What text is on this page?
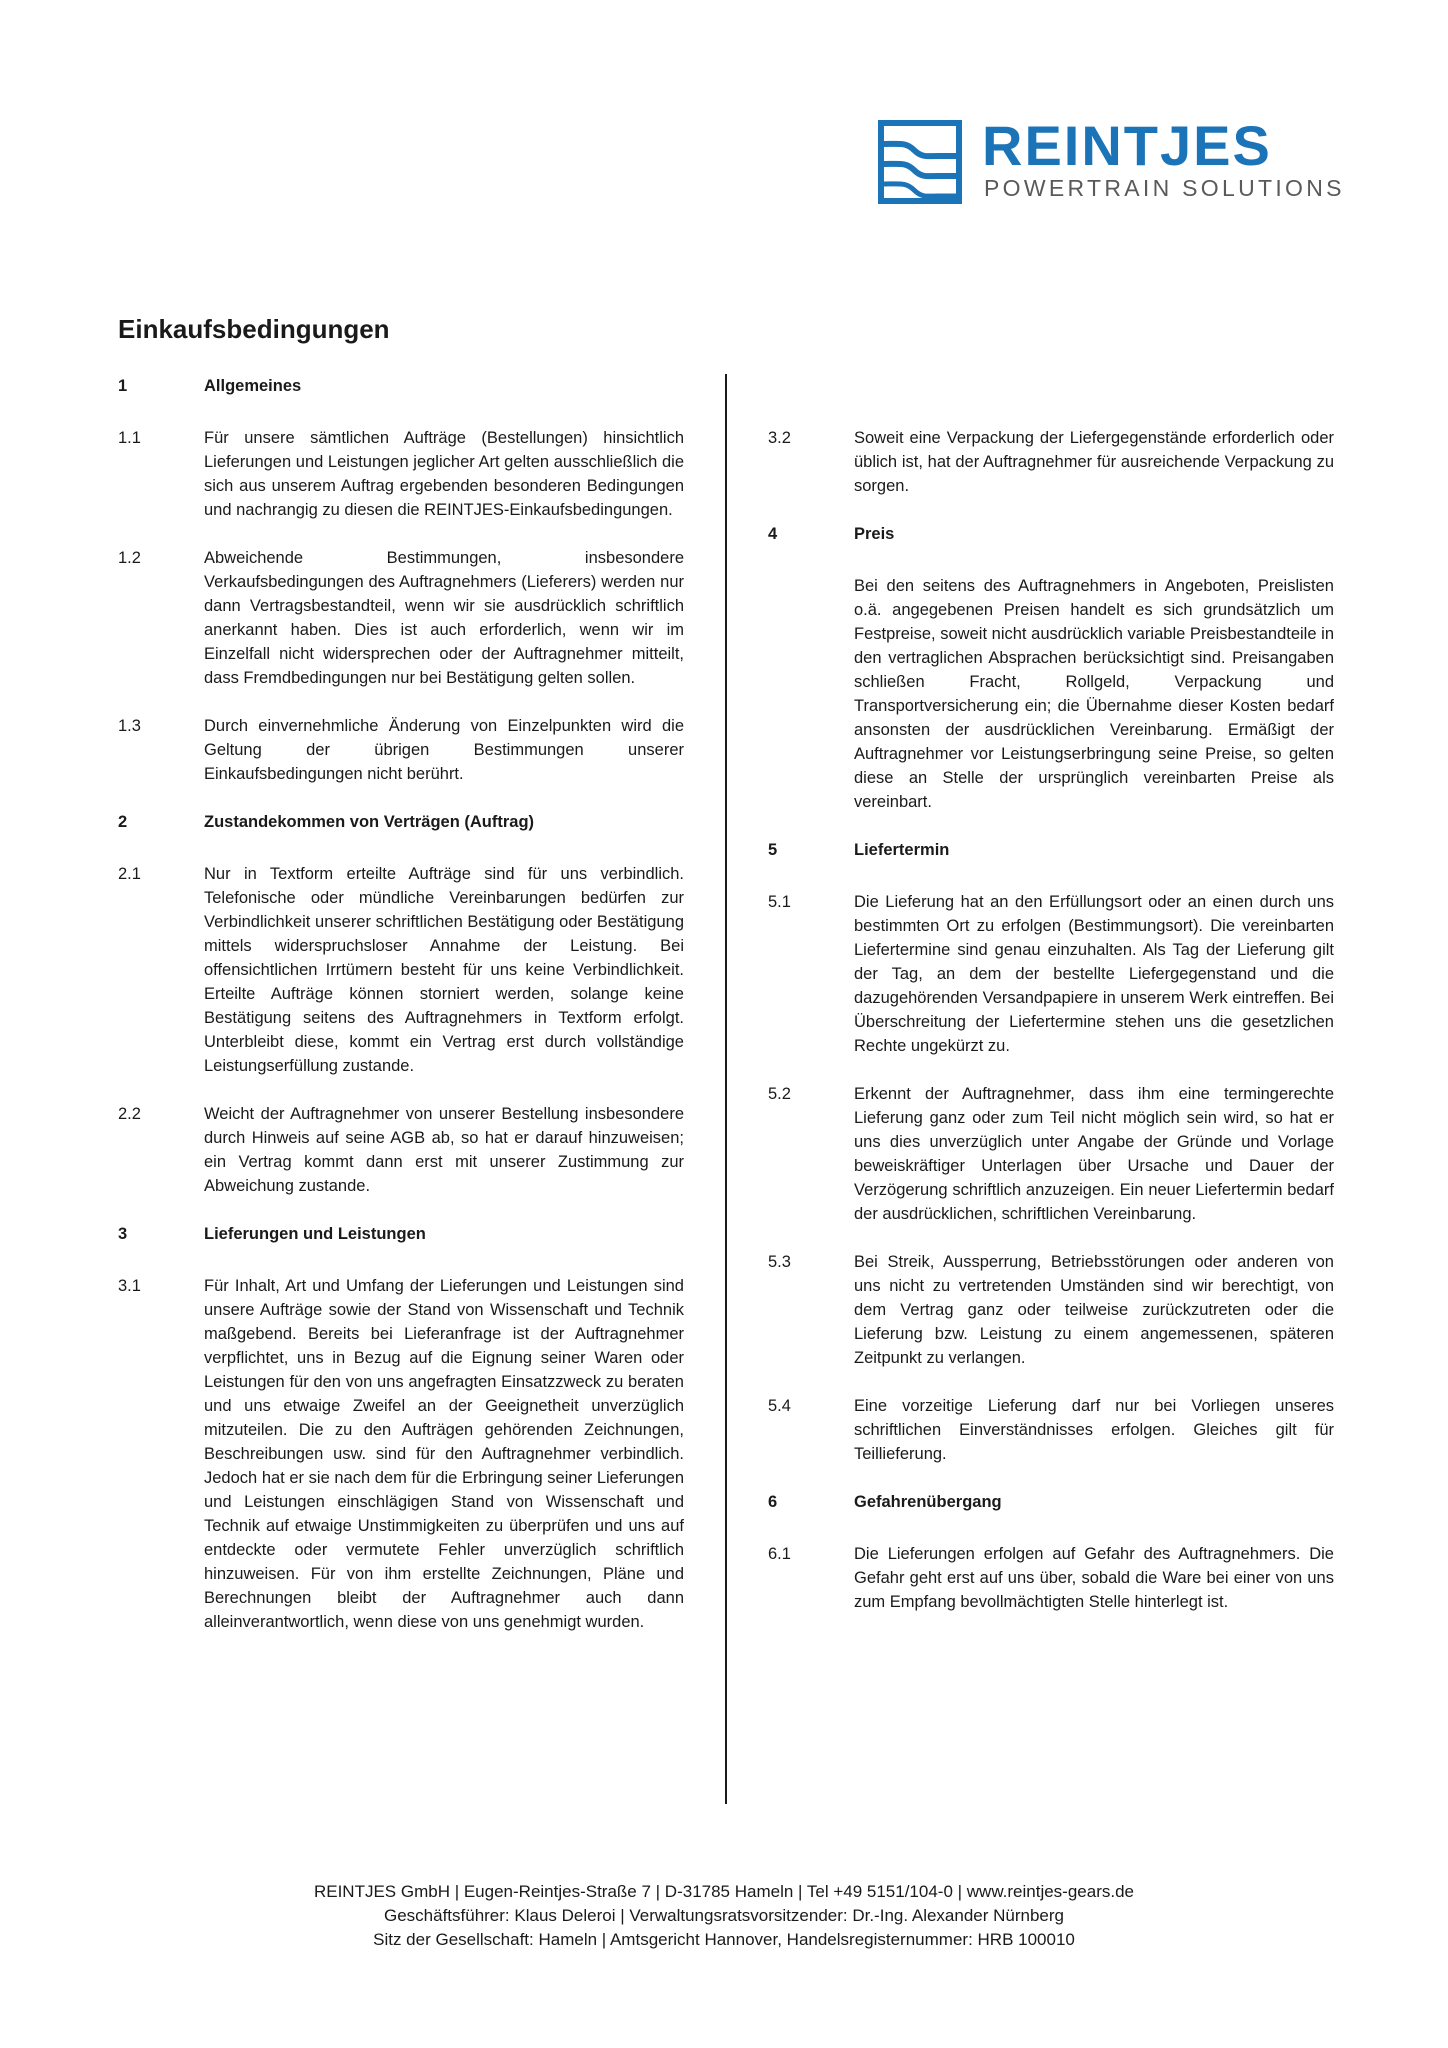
REINTJES
POWERTRAIN SOLUTIONS
Einkaufsbedingungen
1	Allgemeines
1.1	Für unsere sämtlichen Aufträge (Bestellungen) hinsichtlich Lieferungen und Leistungen jeglicher Art gelten ausschließlich die sich aus unserem Auftrag ergebenden besonderen Bedingungen und nachrangig zu diesen die REINTJES-Einkaufsbedingungen.
1.2	Abweichende Bestimmungen, insbesondere Verkaufsbedingungen des Auftragnehmers (Lieferers) werden nur dann Vertragsbestandteil, wenn wir sie ausdrücklich schriftlich anerkannt haben. Dies ist auch erforderlich, wenn wir im Einzelfall nicht widersprechen oder der Auftragnehmer mitteilt, dass Fremdbedingungen nur bei Bestätigung gelten sollen.
1.3	Durch einvernehmliche Änderung von Einzelpunkten wird die Geltung der übrigen Bestimmungen unserer Einkaufsbedingungen nicht berührt.
2	Zustandekommen von Verträgen (Auftrag)
2.1	Nur in Textform erteilte Aufträge sind für uns verbindlich. Telefonische oder mündliche Vereinbarungen bedürfen zur Verbindlichkeit unserer schriftlichen Bestätigung oder Bestätigung mittels widerspruchsloser Annahme der Leistung. Bei offensichtlichen Irrtümern besteht für uns keine Verbindlichkeit. Erteilte Aufträge können storniert werden, solange keine Bestätigung seitens des Auftragnehmers in Textform erfolgt. Unterbleibt diese, kommt ein Vertrag erst durch vollständige Leistungserfüllung zustande.
2.2	Weicht der Auftragnehmer von unserer Bestellung insbesondere durch Hinweis auf seine AGB ab, so hat er darauf hinzuweisen; ein Vertrag kommt dann erst mit unserer Zustimmung zur Abweichung zustande.
3	Lieferungen und Leistungen
3.1	Für Inhalt, Art und Umfang der Lieferungen und Leistungen sind unsere Aufträge sowie der Stand von Wissenschaft und Technik maßgebend. Bereits bei Lieferanfrage ist der Auftragnehmer verpflichtet, uns in Bezug auf die Eignung seiner Waren oder Leistungen für den von uns angefragten Einsatzzweck zu beraten und uns etwaige Zweifel an der Geeignetheit unverzüglich mitzuteilen. Die zu den Aufträgen gehörenden Zeichnungen, Beschreibungen usw. sind für den Auftragnehmer verbindlich. Jedoch hat er sie nach dem für die Erbringung seiner Lieferungen und Leistungen einschlägigen Stand von Wissenschaft und Technik auf etwaige Unstimmigkeiten zu überprüfen und uns auf entdeckte oder vermutete Fehler unverzüglich schriftlich hinzuweisen. Für von ihm erstellte Zeichnungen, Pläne und Berechnungen bleibt der Auftragnehmer auch dann alleinverantwortlich, wenn diese von uns genehmigt wurden.
3.2	Soweit eine Verpackung der Liefergegenstände erforderlich oder üblich ist, hat der Auftragnehmer für ausreichende Verpackung zu sorgen.
4	Preis
Bei den seitens des Auftragnehmers in Angeboten, Preislisten o.ä. angegebenen Preisen handelt es sich grundsätzlich um Festpreise, soweit nicht ausdrücklich variable Preisbestandteile in den vertraglichen Absprachen berücksichtigt sind. Preisangaben schließen Fracht, Rollgeld, Verpackung und Transportversicherung ein; die Übernahme dieser Kosten bedarf ansonsten der ausdrücklichen Vereinbarung. Ermäßigt der Auftragnehmer vor Leistungserbringung seine Preise, so gelten diese an Stelle der ursprünglich vereinbarten Preise als vereinbart.
5	Liefertermin
5.1	Die Lieferung hat an den Erfüllungsort oder an einen durch uns bestimmten Ort zu erfolgen (Bestimmungsort). Die vereinbarten Liefertermine sind genau einzuhalten. Als Tag der Lieferung gilt der Tag, an dem der bestellte Liefergegenstand und die dazugehörenden Versandpapiere in unserem Werk eintreffen. Bei Überschreitung der Liefertermine stehen uns die gesetzlichen Rechte ungekürzt zu.
5.2	Erkennt der Auftragnehmer, dass ihm eine termingerechte Lieferung ganz oder zum Teil nicht möglich sein wird, so hat er uns dies unverzüglich unter Angabe der Gründe und Vorlage beweiskräftiger Unterlagen über Ursache und Dauer der Verzögerung schriftlich anzuzeigen. Ein neuer Liefertermin bedarf der ausdrücklichen, schriftlichen Vereinbarung.
5.3	Bei Streik, Aussperrung, Betriebsstörungen oder anderen von uns nicht zu vertretenden Umständen sind wir berechtigt, von dem Vertrag ganz oder teilweise zurückzutreten oder die Lieferung bzw. Leistung zu einem angemessenen, späteren Zeitpunkt zu verlangen.
5.4	Eine vorzeitige Lieferung darf nur bei Vorliegen unseres schriftlichen Einverständnisses erfolgen. Gleiches gilt für Teillieferung.
6	Gefahrenübergang
6.1	Die Lieferungen erfolgen auf Gefahr des Auftragnehmers. Die Gefahr geht erst auf uns über, sobald die Ware bei einer von uns zum Empfang bevollmächtigten Stelle hinterlegt ist.
REINTJES GmbH | Eugen-Reintjes-Straße 7 | D-31785 Hameln | Tel +49 5151/104-0 | www.reintjes-gears.de
Geschäftsführer: Klaus Deleroi | Verwaltungsratsvorsitzender: Dr.-Ing. Alexander Nürnberg
Sitz der Gesellschaft: Hameln | Amtsgericht Hannover, Handelsregisternummer: HRB 100010
